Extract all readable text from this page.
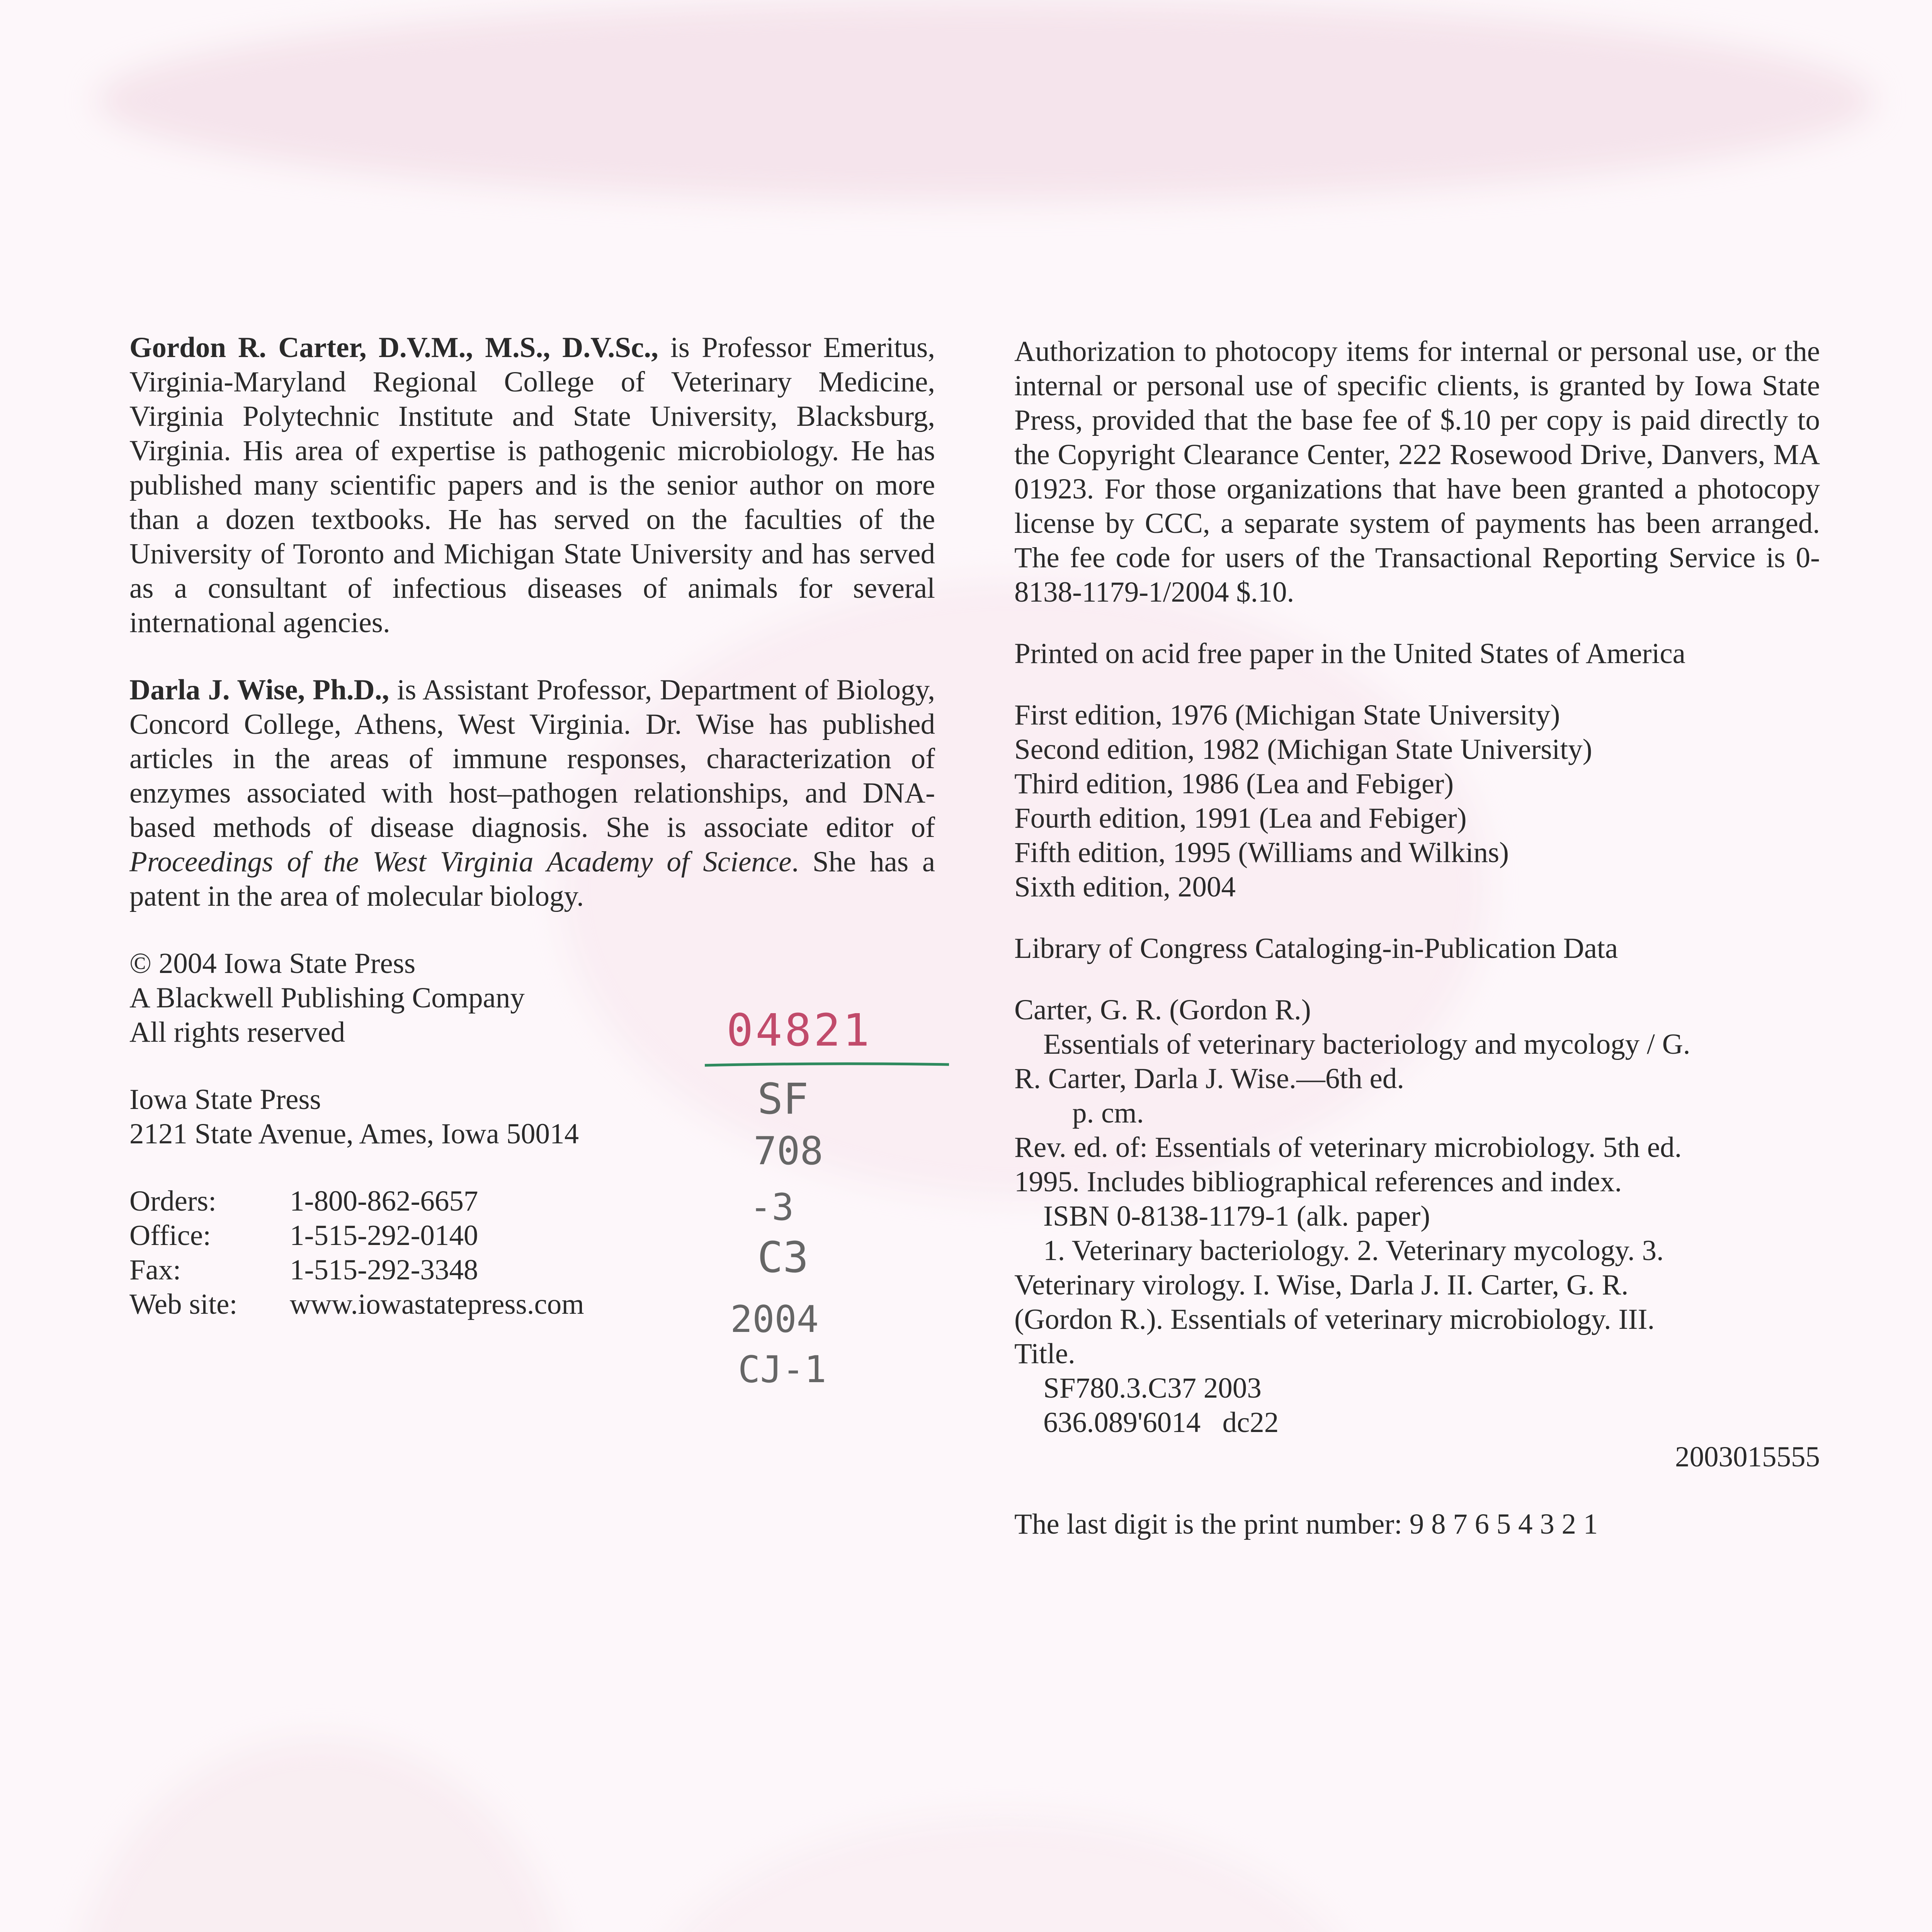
Gordon R. Carter, D.V.M., M.S., D.V.Sc., is Professor Emeritus, Virginia-Maryland Regional College of Veterinary Medicine, Virginia Polytechnic Institute and State University, Blacksburg, Virginia. His area of expertise is pathogenic microbiology. He has published many scientific papers and is the senior author on more than a dozen textbooks. He has served on the faculties of the University of Toronto and Michigan State University and has served as a consultant of infectious diseases of animals for several international agencies.

Darla J. Wise, Ph.D., is Assistant Professor, Department of Biology, Concord College, Athens, West Virginia. Dr. Wise has published articles in the areas of immune responses, characterization of enzymes associated with host–pathogen relationships, and DNA-based methods of disease diagnosis. She is associate editor of Proceedings of the West Virginia Academy of Science. She has a patent in the area of molecular biology.

© 2004 Iowa State Press
A Blackwell Publishing Company
All rights reserved
Iowa State Press
2121 State Avenue, Ames, Iowa 50014
Orders:	1-800-862-6657
Office:	1-515-292-0140
Fax:	1-515-292-3348
Web site:	www.iowastatepress.com
04821
SF
708
-3
C3
2004
CJ-1

Authorization to photocopy items for internal or personal use, or the internal or personal use of specific clients, is granted by Iowa State Press, provided that the base fee of $.10 per copy is paid directly to the Copyright Clearance Center, 222 Rosewood Drive, Danvers, MA 01923. For those organizations that have been granted a photocopy license by CCC, a separate system of payments has been arranged. The fee code for users of the Transactional Reporting Service is 0-8138-1179-1/2004 $.10.

Printed on acid free paper in the United States of America
First edition, 1976 (Michigan State University)
Second edition, 1982 (Michigan State University)
Third edition, 1986 (Lea and Febiger)
Fourth edition, 1991 (Lea and Febiger)
Fifth edition, 1995 (Williams and Wilkins)
Sixth edition, 2004
Library of Congress Cataloging-in-Publication Data
Carter, G. R. (Gordon R.)
Essentials of veterinary bacteriology and mycology / G.
R. Carter, Darla J. Wise.—6th ed.
p. cm.
Rev. ed. of: Essentials of veterinary microbiology. 5th ed.
1995. Includes bibliographical references and index.
ISBN 0-8138-1179-1 (alk. paper)
1. Veterinary bacteriology. 2. Veterinary mycology. 3.
Veterinary virology. I. Wise, Darla J. II. Carter, G. R.
(Gordon R.). Essentials of veterinary microbiology. III.
Title.
SF780.3.C37 2003
636.089'6014   dc22
2003015555
The last digit is the print number: 9 8 7 6 5 4 3 2 1
